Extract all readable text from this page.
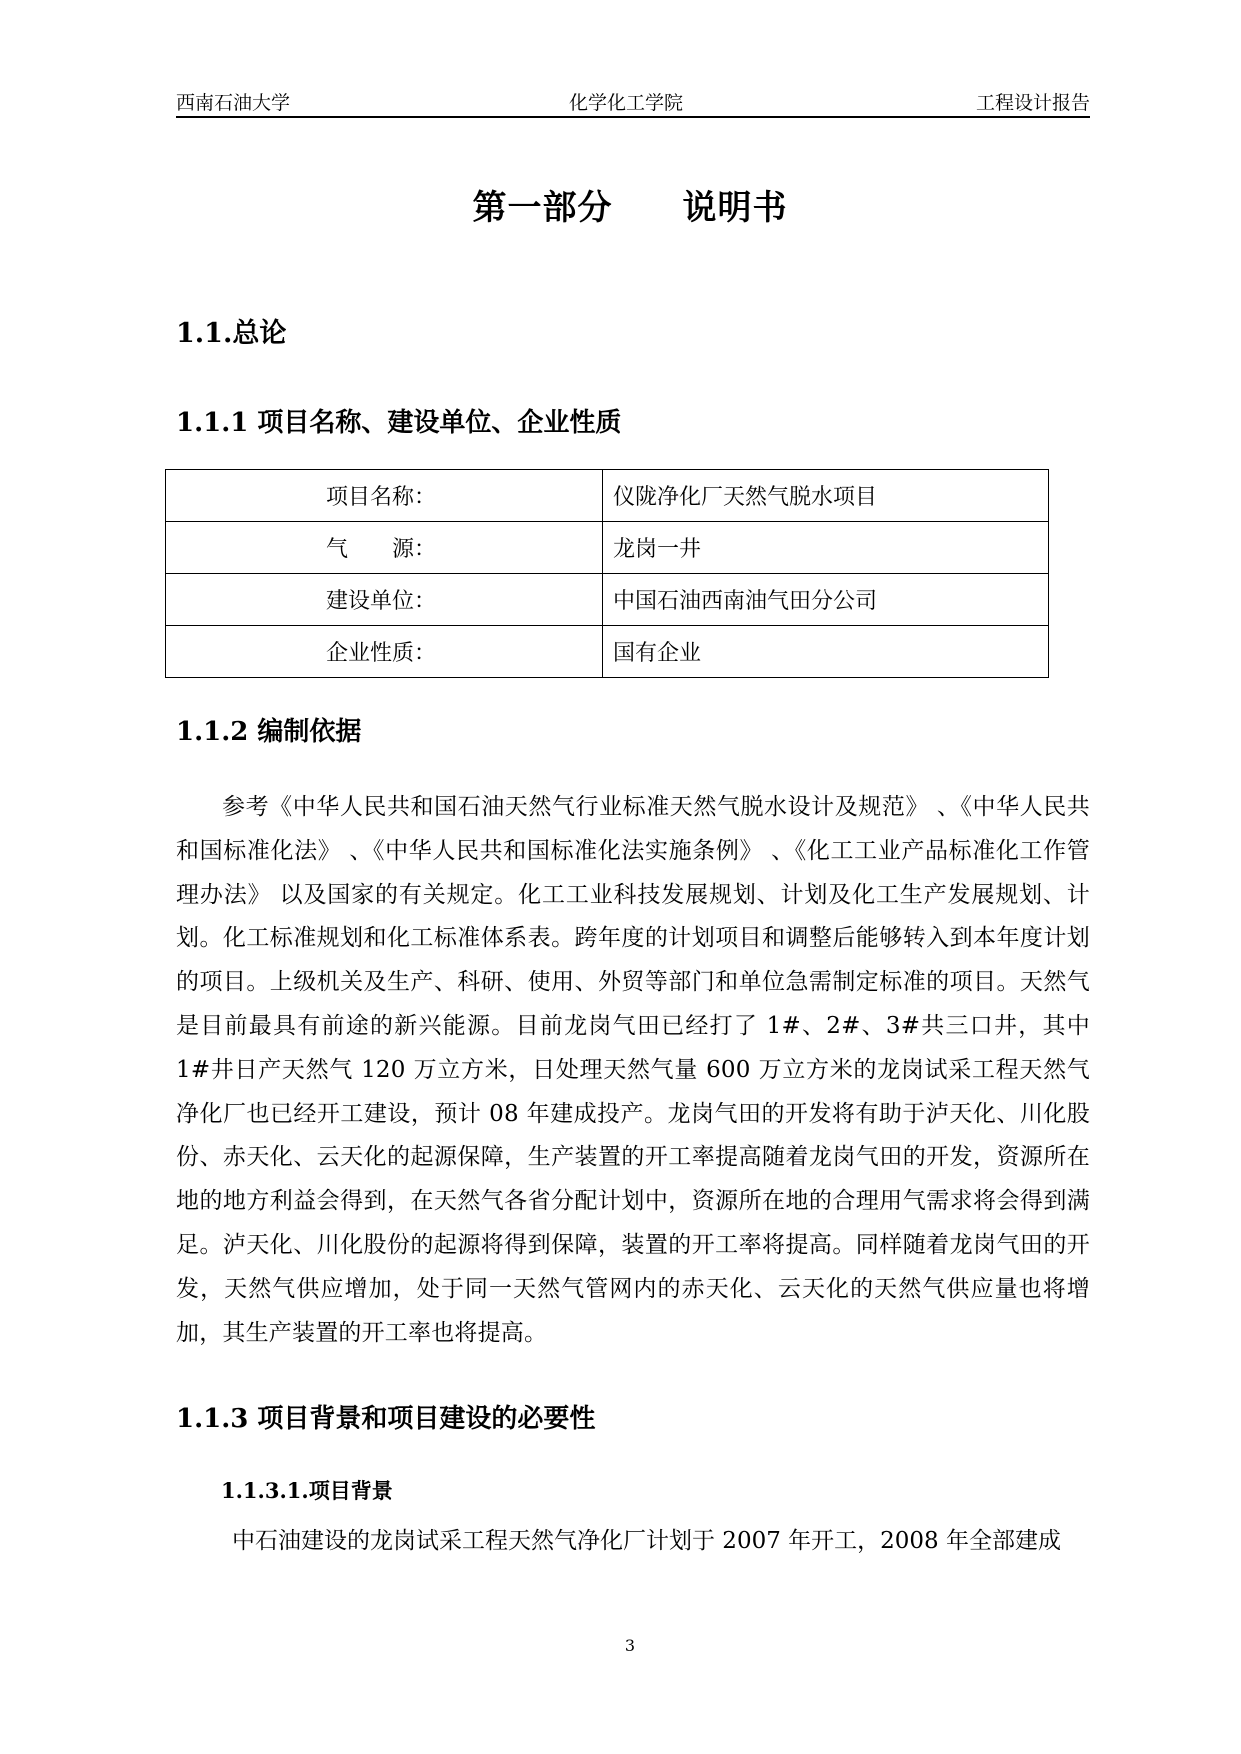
西南石油大学	化学化工学院	工程设计报告
第一部分 说明书
1.1.总论
1.1.1 项目名称、建设单位、企业性质
项目名称：	仪陇净化厂天然气脱水项目
气　　源：	龙岗一井
建设单位：	中国石油西南油气田分公司
企业性质：	国有企业
1.1.2 编制依据
参考《中华人民共和国石油天然气行业标准天然气脱水设计及规范》 、《中华人民共和国标准化法》 、《中华人民共和国标准化法实施条例》 、《化工工业产品标准化工作管理办法》 以及国家的有关规定。化工工业科技发展规划、计划及化工生产发展规划、计划。化工标准规划和化工标准体系表。跨年度的计划项目和调整后能够转入到本年度计划的项目。上级机关及生产、科研、使用、外贸等部门和单位急需制定标准的项目。天然气是目前最具有前途的新兴能源。目前龙岗气田已经打了 1#、2#、3#共三口井，其中 1#井日产天然气 120 万立方米，日处理天然气量 600 万立方米的龙岗试采工程天然气净化厂也已经开工建设，预计 08 年建成投产。龙岗气田的开发将有助于泸天化、川化股份、赤天化、云天化的起源保障，生产装置的开工率提高随着龙岗气田的开发，资源所在地的地方利益会得到，在天然气各省分配计划中，资源所在地的合理用气需求将会得到满足。泸天化、川化股份的起源将得到保障，装置的开工率将提高。同样随着龙岗气田的开发，天然气供应增加，处于同一天然气管网内的赤天化、云天化的天然气供应量也将增加，其生产装置的开工率也将提高。
1.1.3 项目背景和项目建设的必要性
1.1.3.1.项目背景
中石油建设的龙岗试采工程天然气净化厂计划于 2007 年开工，2008 年全部建成
3
